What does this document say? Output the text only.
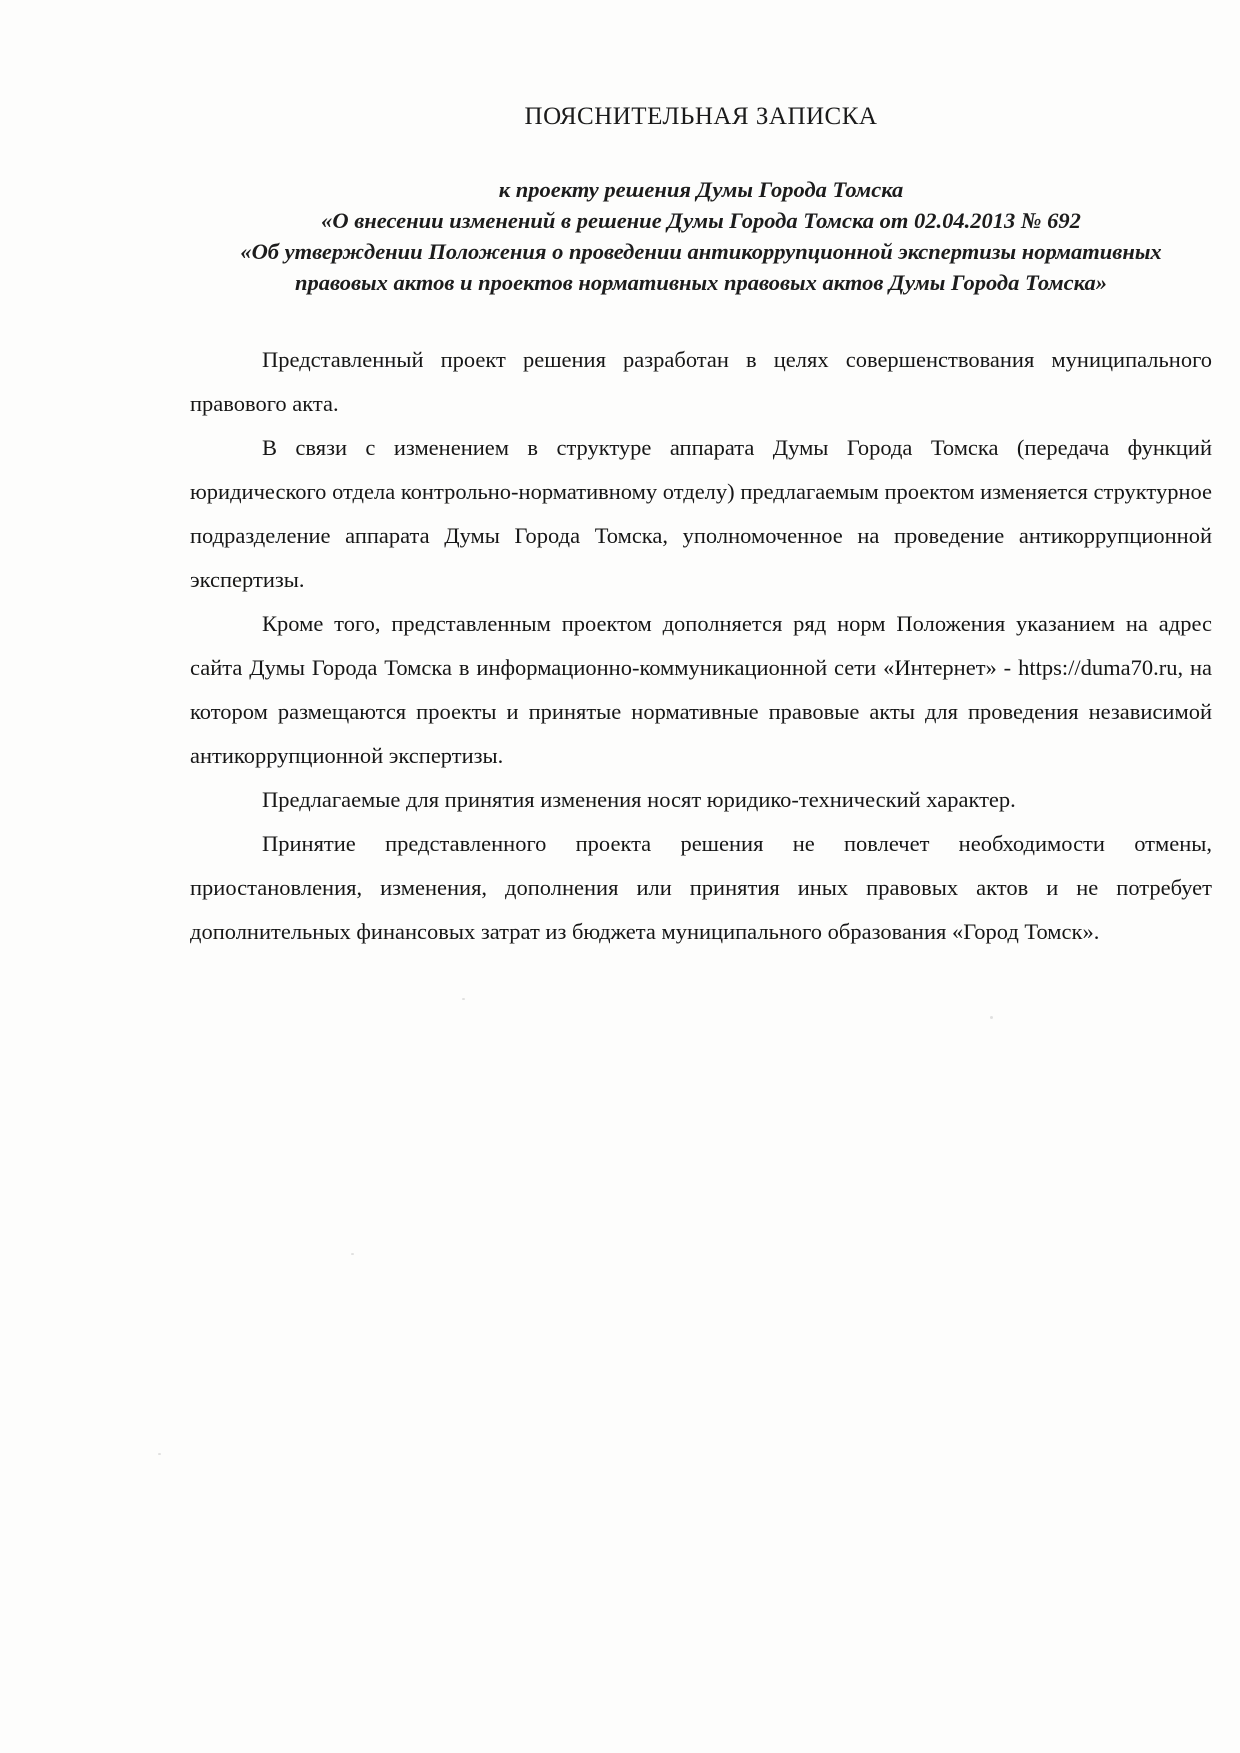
ПОЯСНИТЕЛЬНАЯ ЗАПИСКА
к проекту решения Думы Города Томска
«О внесении изменений в решение Думы Города Томска от 02.04.2013 № 692
«Об утверждении Положения о проведении антикоррупционной экспертизы нормативных
правовых актов и проектов нормативных правовых актов Думы Города Томска»

Представленный проект решения разработан в целях совершенствования муниципального правового акта.

В связи с изменением в структуре аппарата Думы Города Томска (передача функций юридического отдела контрольно-нормативному отделу) предлагаемым проектом изменяется структурное подразделение аппарата Думы Города Томска, уполномоченное на проведение антикоррупционной экспертизы.

Кроме того, представленным проектом дополняется ряд норм Положения указанием на адрес сайта Думы Города Томска в информационно-коммуникационной сети «Интернет» - https://duma70.ru, на котором размещаются проекты и принятые нормативные правовые акты для проведения независимой антикоррупционной экспертизы.

Предлагаемые для принятия изменения носят юридико-технический характер.

Принятие представленного проекта решения не повлечет необходимости отмены, приостановления, изменения, дополнения или принятия иных правовых актов и не потребует дополнительных финансовых затрат из бюджета муниципального образования «Город Томск».
